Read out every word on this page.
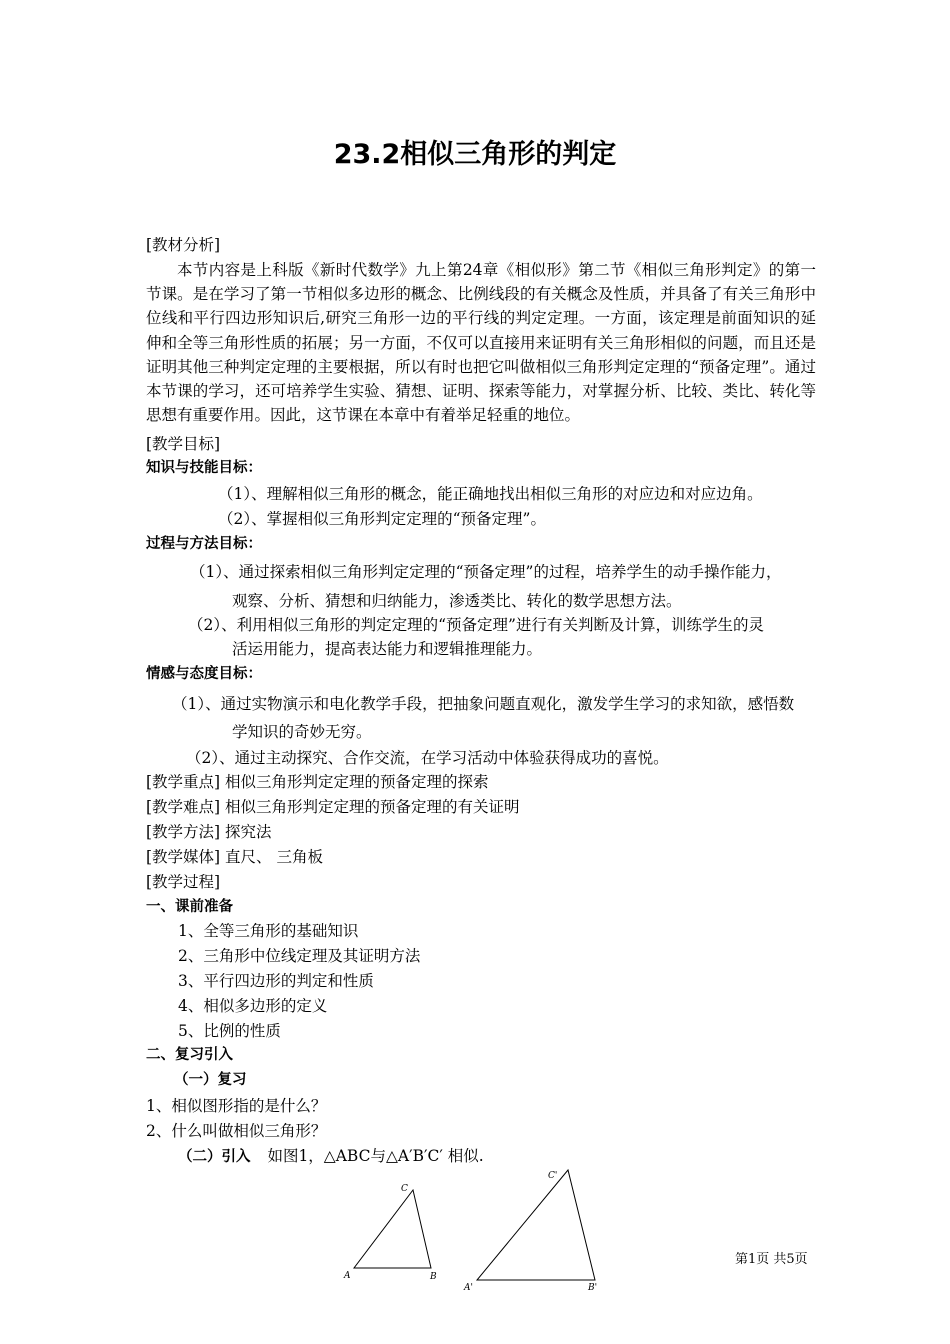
23.2相似三角形的判定
[教材分析]
本节内容是上科版《新时代数学》九上第24章《相似形》第二节《相似三角形判定》的第一节课。是在学习了第一节相似多边形的概念、比例线段的有关概念及性质，并具备了有关三角形中位线和平行四边形知识后,研究三角形一边的平行线的判定定理。一方面，该定理是前面知识的延伸和全等三角形性质的拓展；另一方面，不仅可以直接用来证明有关三角形相似的问题，而且还是证明其他三种判定定理的主要根据，所以有时也把它叫做相似三角形判定定理的“预备定理”。通过本节课的学习，还可培养学生实验、猜想、证明、探索等能力，对掌握分析、比较、类比、转化等思想有重要作用。因此，这节课在本章中有着举足轻重的地位。
[教学目标]
知识与技能目标：
（1）、理解相似三角形的概念，能正确地找出相似三角形的对应边和对应边角。
（2）、掌握相似三角形判定定理的“预备定理”。
过程与方法目标：
（1）、通过探索相似三角形判定定理的“预备定理”的过程，培养学生的动手操作能力，
观察、分析、猜想和归纳能力，渗透类比、转化的数学思想方法。
（2）、利用相似三角形的判定定理的“预备定理”进行有关判断及计算，训练学生的灵
活运用能力，提高表达能力和逻辑推理能力。
情感与态度目标：
（1）、通过实物演示和电化教学手段，把抽象问题直观化，激发学生学习的求知欲，感悟数
学知识的奇妙无穷。
（2）、通过主动探究、合作交流，在学习活动中体验获得成功的喜悦。
[教学重点] 相似三角形判定定理的预备定理的探索
[教学难点] 相似三角形判定定理的预备定理的有关证明
[教学方法] 探究法
[教学媒体] 直尺、 三角板
[教学过程]
一、课前准备
1、全等三角形的基础知识
2、三角形中位线定理及其证明方法
3、平行四边形的判定和性质
4、相似多边形的定义
5、比例的性质
二、复习引入
（一）复习
1、相似图形指的是什么？
2、什么叫做相似三角形？
（二）引入 如图1，△ABC与△A′B′C′ 相似.
A	B
C
A'	B'
C'
第1页 共5页
